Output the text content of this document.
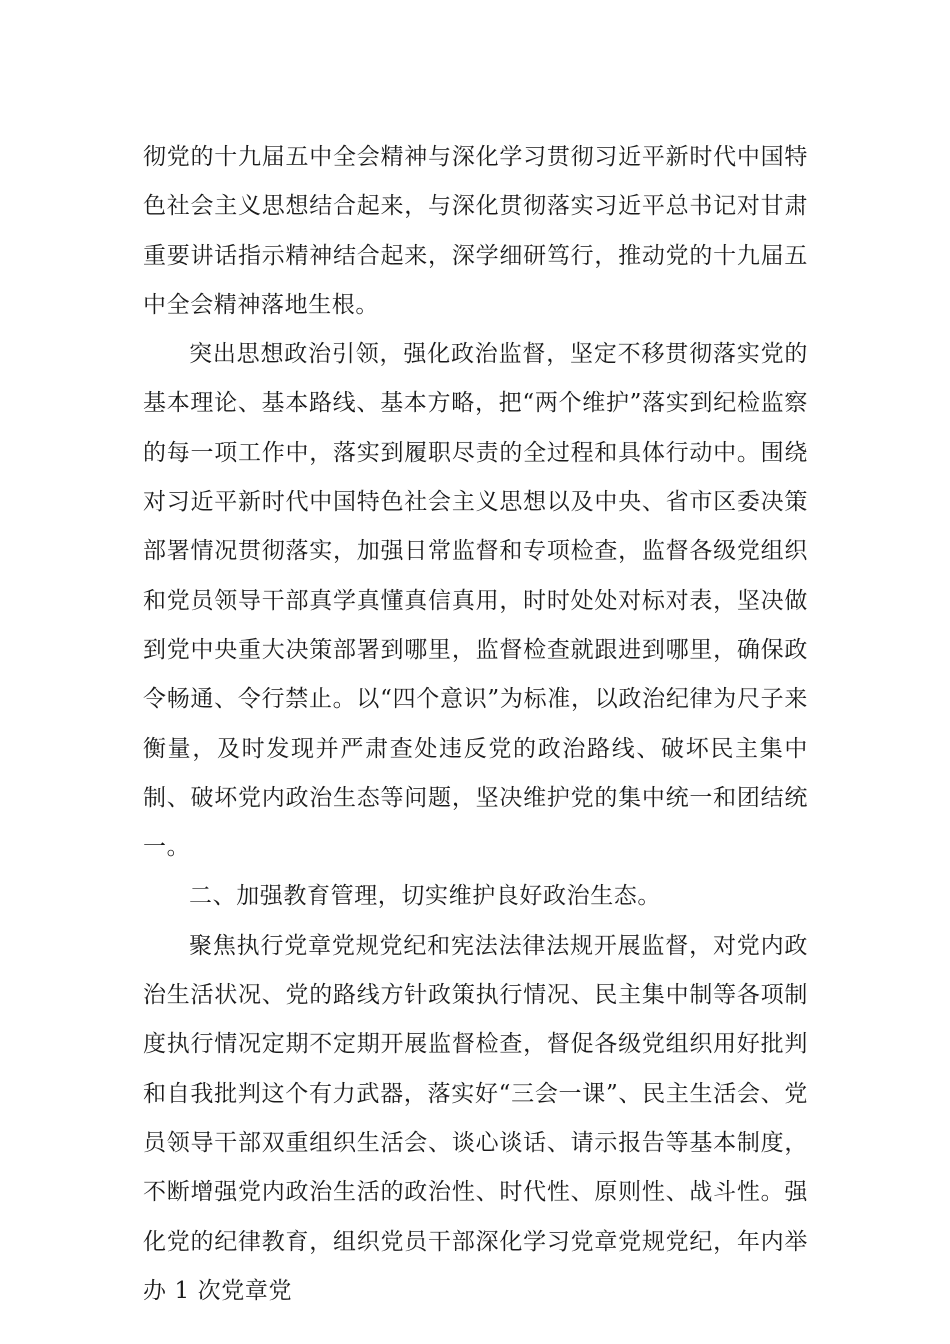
彻党的十九届五中全会精神与深化学习贯彻习近平新时代中国特色社会主义思想结合起来，与深化贯彻落实习近平总书记对甘肃重要讲话指示精神结合起来，深学细研笃行，推动党的十九届五中全会精神落地生根。

突出思想政治引领，强化政治监督，坚定不移贯彻落实党的基本理论、基本路线、基本方略，把“两个维护”落实到纪检监察的每一项工作中，落实到履职尽责的全过程和具体行动中。围绕对习近平新时代中国特色社会主义思想以及中央、省市区委决策部署情况贯彻落实，加强日常监督和专项检查，监督各级党组织和党员领导干部真学真懂真信真用，时时处处对标对表，坚决做到党中央重大决策部署到哪里，监督检查就跟进到哪里，确保政令畅通、令行禁止。以“四个意识”为标准，以政治纪律为尺子来衡量，及时发现并严肃查处违反党的政治路线、破坏民主集中制、破坏党内政治生态等问题，坚决维护党的集中统一和团结统一。

二、加强教育管理，切实维护良好政治生态。

聚焦执行党章党规党纪和宪法法律法规开展监督，对党内政治生活状况、党的路线方针政策执行情况、民主集中制等各项制度执行情况定期不定期开展监督检查，督促各级党组织用好批判和自我批判这个有力武器，落实好“三会一课”、民主生活会、党员领导干部双重组织生活会、谈心谈话、请示报告等基本制度，不断增强党内政治生活的政治性、时代性、原则性、战斗性。强化党的纪律教育，组织党员干部深化学习党章党规党纪，年内举办 1 次党章党
